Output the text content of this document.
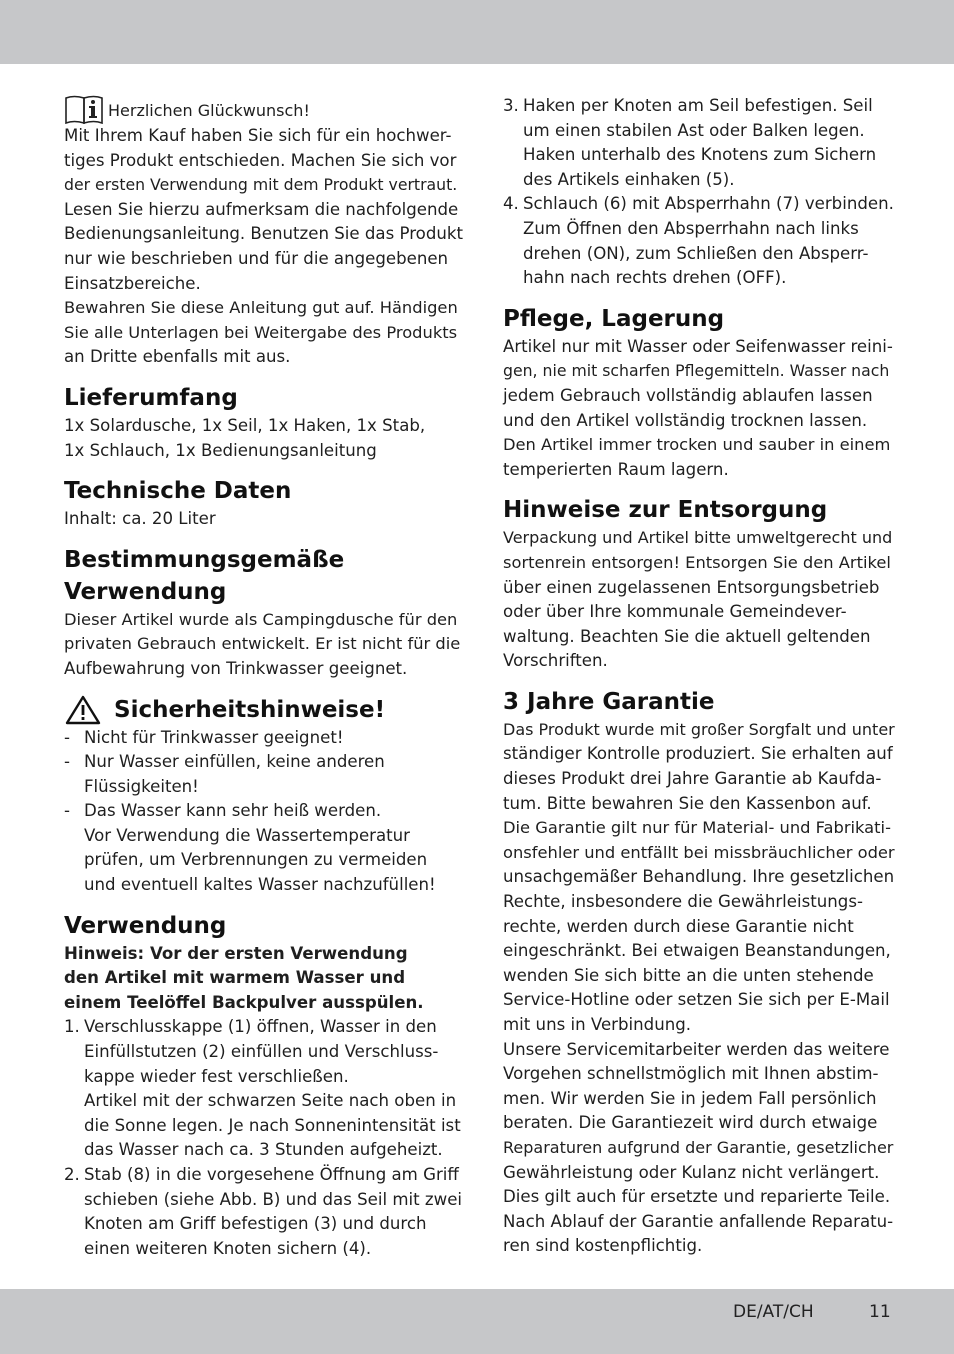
Herzlichen Glückwunsch!
Mit Ihrem Kauf haben Sie sich für ein hochwer-
tiges Produkt entschieden. Machen Sie sich vor
der ersten Verwendung mit dem Produkt vertraut.
Lesen Sie hierzu aufmerksam die nachfolgende
Bedienungsanleitung. Benutzen Sie das Produkt
nur wie beschrieben und für die angegebenen
Einsatzbereiche.
Bewahren Sie diese Anleitung gut auf. Händigen
Sie alle Unterlagen bei Weitergabe des Produkts
an Dritte ebenfalls mit aus.
Lieferumfang
1x Solardusche, 1x Seil, 1x Haken, 1x Stab,
1x Schlauch, 1x Bedienungsanleitung
Technische Daten
Inhalt: ca. 20 Liter
Bestimmungsgemäße
Verwendung
Dieser Artikel wurde als Campingdusche für den
privaten Gebrauch entwickelt. Er ist nicht für die
Aufbewahrung von Trinkwasser geeignet.
Sicherheitshinweise!
- Nicht für Trinkwasser geeignet!
- Nur Wasser einfüllen, keine anderen
Flüssigkeiten!
- Das Wasser kann sehr heiß werden.
Vor Verwendung die Wassertemperatur
prüfen, um Verbrennungen zu vermeiden
und eventuell kaltes Wasser nachzufüllen!
Verwendung
Hinweis: Vor der ersten Verwendung
den Artikel mit warmem Wasser und
einem Teelöffel Backpulver ausspülen.
1. Verschlusskappe (1) öffnen, Wasser in den
Einfüllstutzen (2) einfüllen und Verschluss-
kappe wieder fest verschließen.
Artikel mit der schwarzen Seite nach oben in
die Sonne legen. Je nach Sonnenintensität ist
das Wasser nach ca. 3 Stunden aufgeheizt.
2. Stab (8) in die vorgesehene Öffnung am Griff
schieben (siehe Abb. B) und das Seil mit zwei
Knoten am Griff befestigen (3) und durch
einen weiteren Knoten sichern (4).
3. Haken per Knoten am Seil befestigen. Seil
um einen stabilen Ast oder Balken legen.
Haken unterhalb des Knotens zum Sichern
des Artikels einhaken (5).
4. Schlauch (6) mit Absperrhahn (7) verbinden.
Zum Öffnen den Absperrhahn nach links
drehen (ON), zum Schließen den Absperr-
hahn nach rechts drehen (OFF).
Pflege, Lagerung
Artikel nur mit Wasser oder Seifenwasser reini-
gen, nie mit scharfen Pflegemitteln. Wasser nach
jedem Gebrauch vollständig ablaufen lassen
und den Artikel vollständig trocknen lassen.
Den Artikel immer trocken und sauber in einem
temperierten Raum lagern.
Hinweise zur Entsorgung
Verpackung und Artikel bitte umweltgerecht und
sortenrein entsorgen! Entsorgen Sie den Artikel
über einen zugelassenen Entsorgungsbetrieb
oder über Ihre kommunale Gemeindever-
waltung. Beachten Sie die aktuell geltenden
Vorschriften.
3 Jahre Garantie
Das Produkt wurde mit großer Sorgfalt und unter
ständiger Kontrolle produziert. Sie erhalten auf
dieses Produkt drei Jahre Garantie ab Kaufda-
tum. Bitte bewahren Sie den Kassenbon auf.
Die Garantie gilt nur für Material- und Fabrikati-
onsfehler und entfällt bei missbräuchlicher oder
unsachgemäßer Behandlung. Ihre gesetzlichen
Rechte, insbesondere die Gewährleistungs-
rechte, werden durch diese Garantie nicht
eingeschränkt. Bei etwaigen Beanstandungen,
wenden Sie sich bitte an die unten stehende
Service-Hotline oder setzen Sie sich per E-Mail
mit uns in Verbindung.
Unsere Servicemitarbeiter werden das weitere
Vorgehen schnellstmöglich mit Ihnen abstim-
men. Wir werden Sie in jedem Fall persönlich
beraten. Die Garantiezeit wird durch etwaige
Reparaturen aufgrund der Garantie, gesetzlicher
Gewährleistung oder Kulanz nicht verlängert.
Dies gilt auch für ersetzte und reparierte Teile.
Nach Ablauf der Garantie anfallende Reparatu-
ren sind kostenpflichtig.
DE/AT/CH	11
